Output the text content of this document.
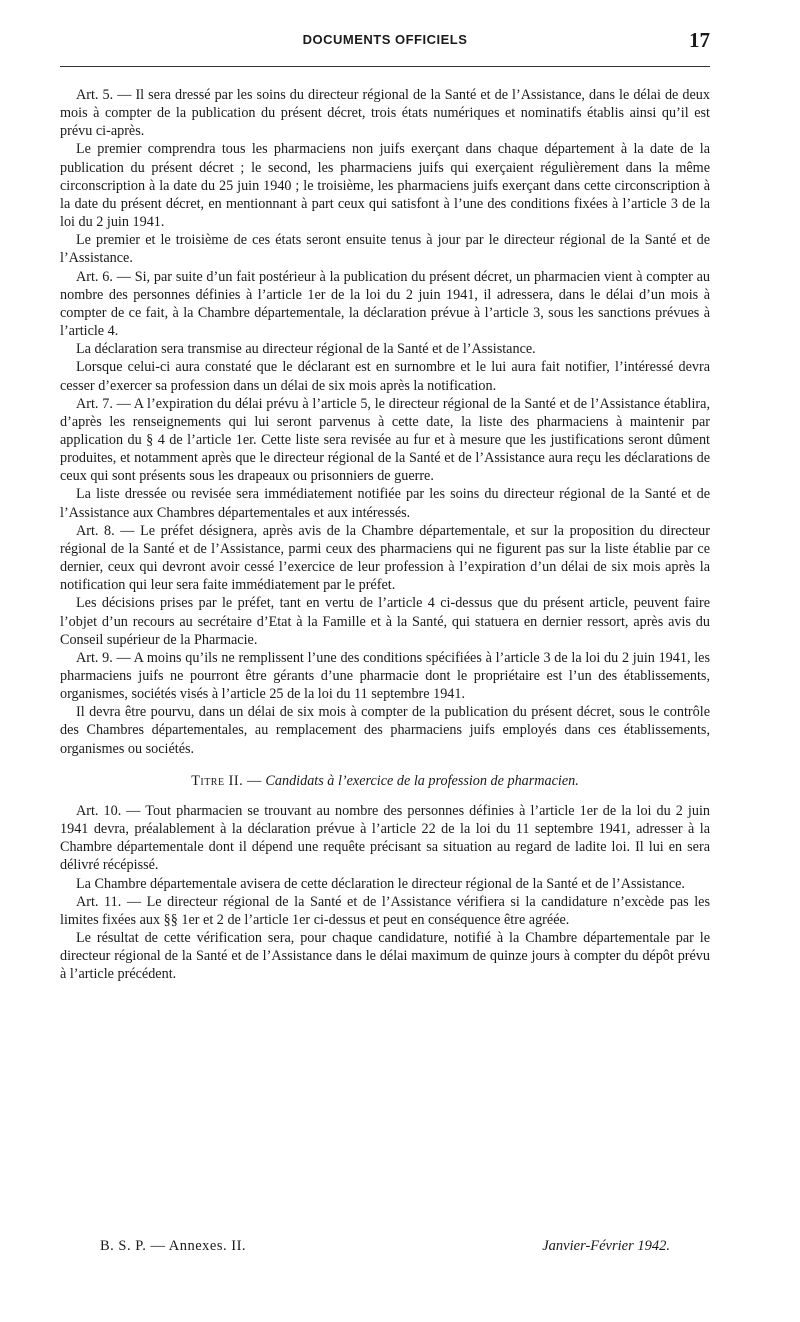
DOCUMENTS OFFICIELS	17

Art. 5. — Il sera dressé par les soins du directeur régional de la Santé et de l’Assistance, dans le délai de deux mois à compter de la publication du présent décret, trois états numériques et nominatifs établis ainsi qu’il est prévu ci-après.

Le premier comprendra tous les pharmaciens non juifs exerçant dans chaque département à la date de la publication du présent décret ; le second, les pharmaciens juifs qui exerçaient régulièrement dans la même circonscription à la date du 25 juin 1940 ; le troisième, les pharmaciens juifs exerçant dans cette circonscription à la date du présent décret, en mentionnant à part ceux qui satisfont à l’une des conditions fixées à l’article 3 de la loi du 2 juin 1941.

Le premier et le troisième de ces états seront ensuite tenus à jour par le directeur régional de la Santé et de l’Assistance.

Art. 6. — Si, par suite d’un fait postérieur à la publication du présent décret, un pharmacien vient à compter au nombre des personnes définies à l’article 1er de la loi du 2 juin 1941, il adressera, dans le délai d’un mois à compter de ce fait, à la Chambre départementale, la déclaration prévue à l’article 3, sous les sanctions prévues à l’article 4.

La déclaration sera transmise au directeur régional de la Santé et de l’Assistance.

Lorsque celui-ci aura constaté que le déclarant est en surnombre et le lui aura fait notifier, l’intéressé devra cesser d’exercer sa profession dans un délai de six mois après la notification.

Art. 7. — A l’expiration du délai prévu à l’article 5, le directeur régional de la Santé et de l’Assistance établira, d’après les renseignements qui lui seront parvenus à cette date, la liste des pharmaciens à maintenir par application du § 4 de l’article 1er. Cette liste sera revisée au fur et à mesure que les justifications seront dûment produites, et notamment après que le directeur régional de la Santé et de l’Assistance aura reçu les déclarations de ceux qui sont présents sous les drapeaux ou prisonniers de guerre.

La liste dressée ou revisée sera immédiatement notifiée par les soins du directeur régional de la Santé et de l’Assistance aux Chambres départementales et aux intéressés.

Art. 8. — Le préfet désignera, après avis de la Chambre départementale, et sur la proposition du directeur régional de la Santé et de l’Assistance, parmi ceux des pharmaciens qui ne figurent pas sur la liste établie par ce dernier, ceux qui devront avoir cessé l’exercice de leur profession à l’expiration d’un délai de six mois après la notification qui leur sera faite immédiatement par le préfet.

Les décisions prises par le préfet, tant en vertu de l’article 4 ci-dessus que du présent article, peuvent faire l’objet d’un recours au secrétaire d’Etat à la Famille et à la Santé, qui statuera en dernier ressort, après avis du Conseil supérieur de la Pharmacie.

Art. 9. — A moins qu’ils ne remplissent l’une des conditions spécifiées à l’article 3 de la loi du 2 juin 1941, les pharmaciens juifs ne pourront être gérants d’une pharmacie dont le propriétaire est l’un des établissements, organismes, sociétés visés à l’article 25 de la loi du 11 septembre 1941.

Il devra être pourvu, dans un délai de six mois à compter de la publication du présent décret, sous le contrôle des Chambres départementales, au remplacement des pharmaciens juifs employés dans ces établissements, organismes ou sociétés.

Titre II. — Candidats à l’exercice de la profession de pharmacien.

Art. 10. — Tout pharmacien se trouvant au nombre des personnes définies à l’article 1er de la loi du 2 juin 1941 devra, préalablement à la déclaration prévue à l’article 22 de la loi du 11 septembre 1941, adresser à la Chambre départementale dont il dépend une requête précisant sa situation au regard de ladite loi. Il lui en sera délivré récépissé.

La Chambre départementale avisera de cette déclaration le directeur régional de la Santé et de l’Assistance.

Art. 11. — Le directeur régional de la Santé et de l’Assistance vérifiera si la candidature n’excède pas les limites fixées aux §§ 1er et 2 de l’article 1er ci-dessus et peut en conséquence être agréée.

Le résultat de cette vérification sera, pour chaque candidature, notifié à la Chambre départementale par le directeur régional de la Santé et de l’Assistance dans le délai maximum de quinze jours à compter du dépôt prévu à l’article précédent.

B. S. P. — Annexes. II.	Janvier-Février 1942.
